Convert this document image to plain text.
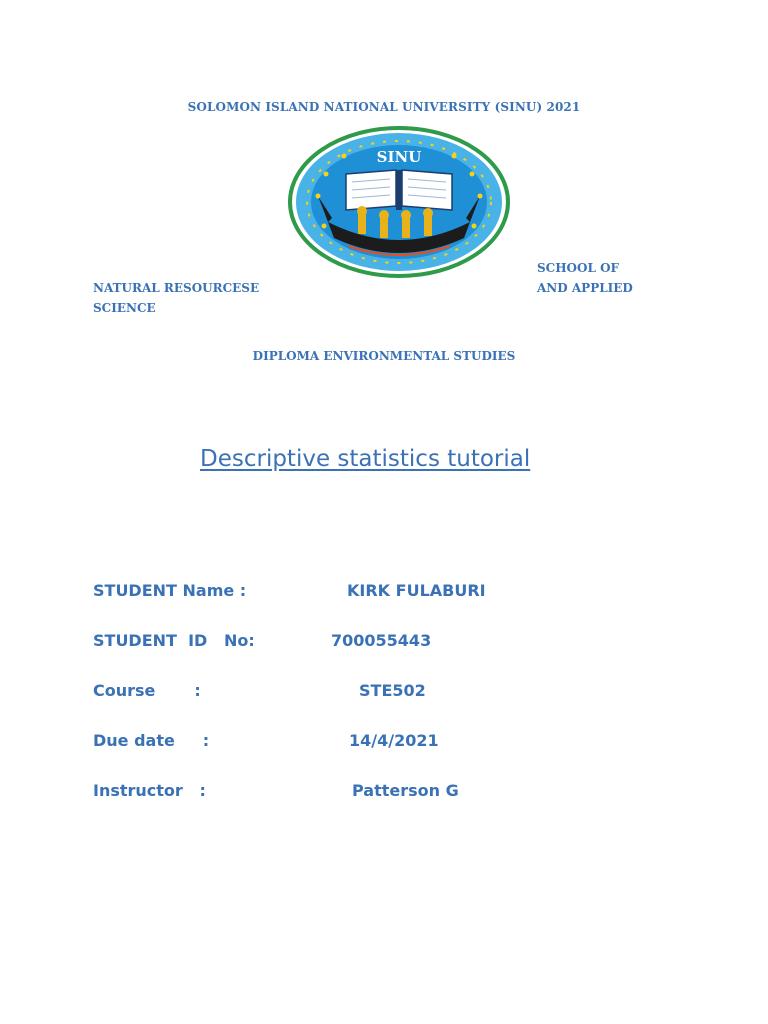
SOLOMON ISLAND NATIONAL UNIVERSITY (SINU) 2021
SINU
NATURAL RESOURCESE
SCIENCE
SCHOOL OF
AND APPLIED
DIPLOMA ENVIRONMENTAL STUDIES
Descriptive statistics tutorial
STUDENT Name :	KIRK FULABURI
STUDENT  ID   No:	700055443
Course       :	STE502
Due date     :	14/4/2021
Instructor   :	Patterson G
